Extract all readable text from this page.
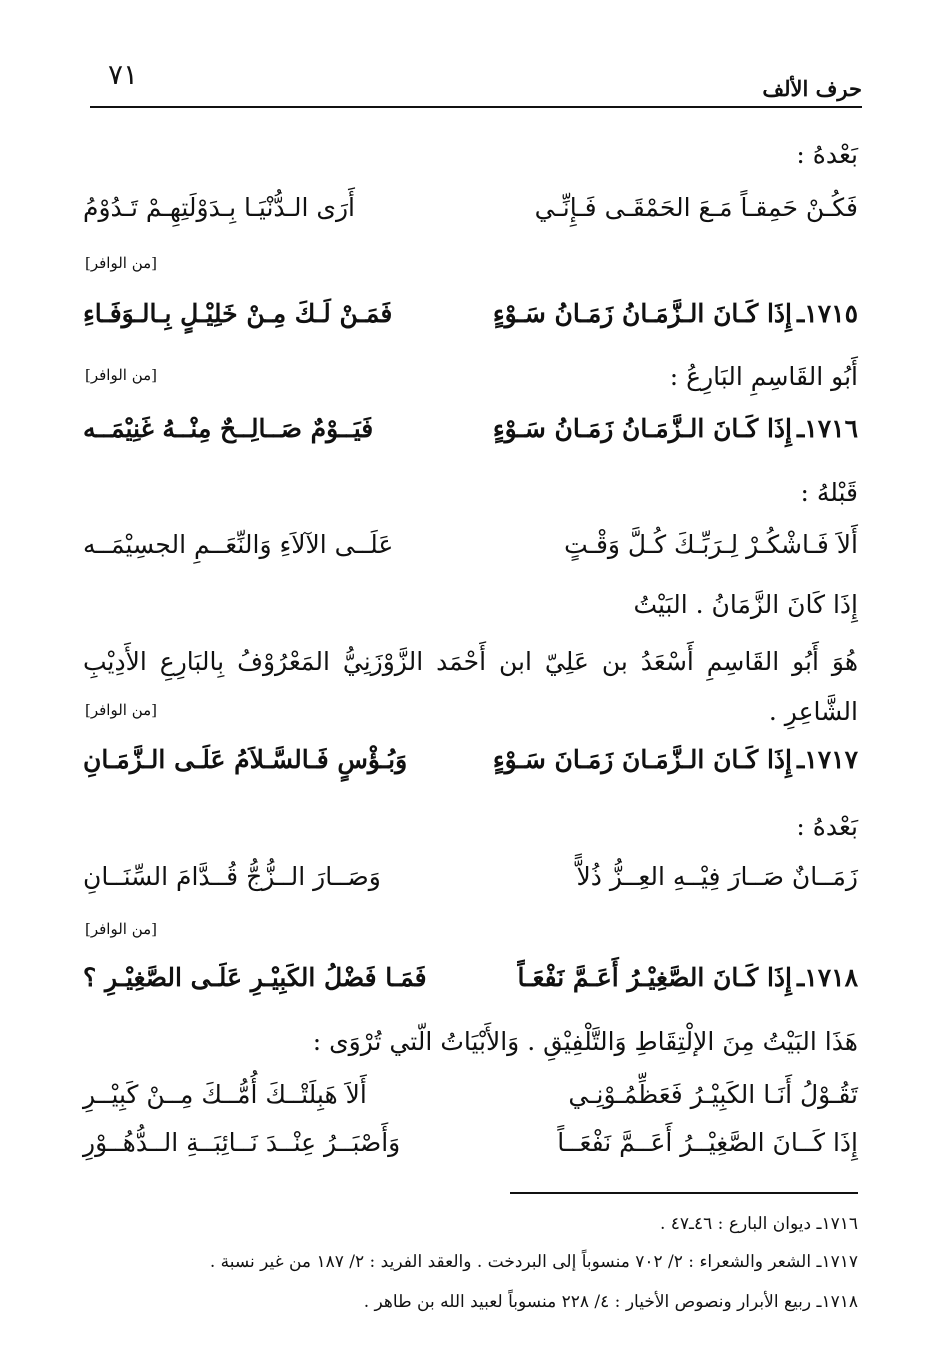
حرف الألف
٧١
بَعْدهُ :
فَكُـنْ حَمِقـاً مَـعَ الحَمْقَـى فَـإِنِّـي
أَرَى الـدُّنْيَـا بِـدَوْلَتِهِـمْ تَـدُوْمُ
[من الوافر]
١٧١٥ـ
إِذَا كَـانَ الـزَّمَـانُ زَمَـانُ سَـوْءٍ
فَمَـنْ لَـكَ مِـنْ خَلِيْـلٍ بِـالـوَفَـاءِ
[من الوافر]	أَبُو القَاسِمِ البَارِعُ :
١٧١٦ـ
إِذَا كَـانَ الـزَّمَـانُ زَمَـانُ سَـوْءٍ
فَيَــوْمٌ صَــالِــحٌ مِنْــهُ غَنِيْمَــه
قَبْلهُ :
أَلاَ فَـاشْكُـرْ لِـرَبِّـكَ كُـلَّ وَقْـتٍ
عَلَــى الآلاَءِ وَالنِّعَــمِ الجسِيْمَــه
إِذَا كَانَ الزَّمَانُ . البَيْتُ
هُوَ أَبُو القَاسِمِ أَسْعَدُ بن عَلِيّ ابن أَحْمَد الزَّوْزَنِيُّ المَعْرُوْفُ بِالبَارِعِ الأَدِيْبِ الشَّاعِرِ .
[من الوافر]
١٧١٧ـ
إِذَا كَـانَ الـزَّمَـانَ زَمَـانَ سَـوْءٍ
وَبُـؤْسٍ فَـالسَّـلاَمُ عَلَـى الـزَّمَـانِ
بَعْدهُ :
زَمَــانٌ صَــارَ فِيْــهِ العِــزُّ ذُلاًّ
وَصَــارَ الــزُّجُّ قُــدَّامَ السِّنَــانِ
[من الوافر]
١٧١٨ـ
إِذَا كَـانَ الصَّغِيْـرُ أَعَـمَّ نَفْعَـاً
فَمَـا فَضْلُ الكَبِيْـرِ عَلَـى الصَّغِيْـرِ ؟
هَذَا البَيْتُ مِنَ الإلْتِقَاطِ وَالتَّلْفِيْقِ . وَالأَبْيَاتُ الّتي تُرْوَى :
تَقُـوْلُ أَنَـا الكَبِيْـرُ فَعَظِّمُـوْنِـي
أَلاَ هَبِلَتْــكَ أُمُّــكَ مِــنْ كَبِيْــرِ
إِذَا كَــانَ الصَّغِيْــرُ أَعَــمَّ نَفْعَــاً
وَأَصْبَــرُ عِنْــدَ نَــائِبَــةِ الــدُّهُــوْرِ
١٧١٦ـ ديوان البارع : ٤٦ـ٤٧ .
١٧١٧ـ الشعر والشعراء : ٢/ ٧٠٢ منسوباً إلى البردخت . والعقد الفريد : ٢/ ١٨٧ من غير نسبة .
١٧١٨ـ ربيع الأبرار ونصوص الأخيار : ٤/ ٢٢٨ منسوباً لعبيد الله بن طاهر .
